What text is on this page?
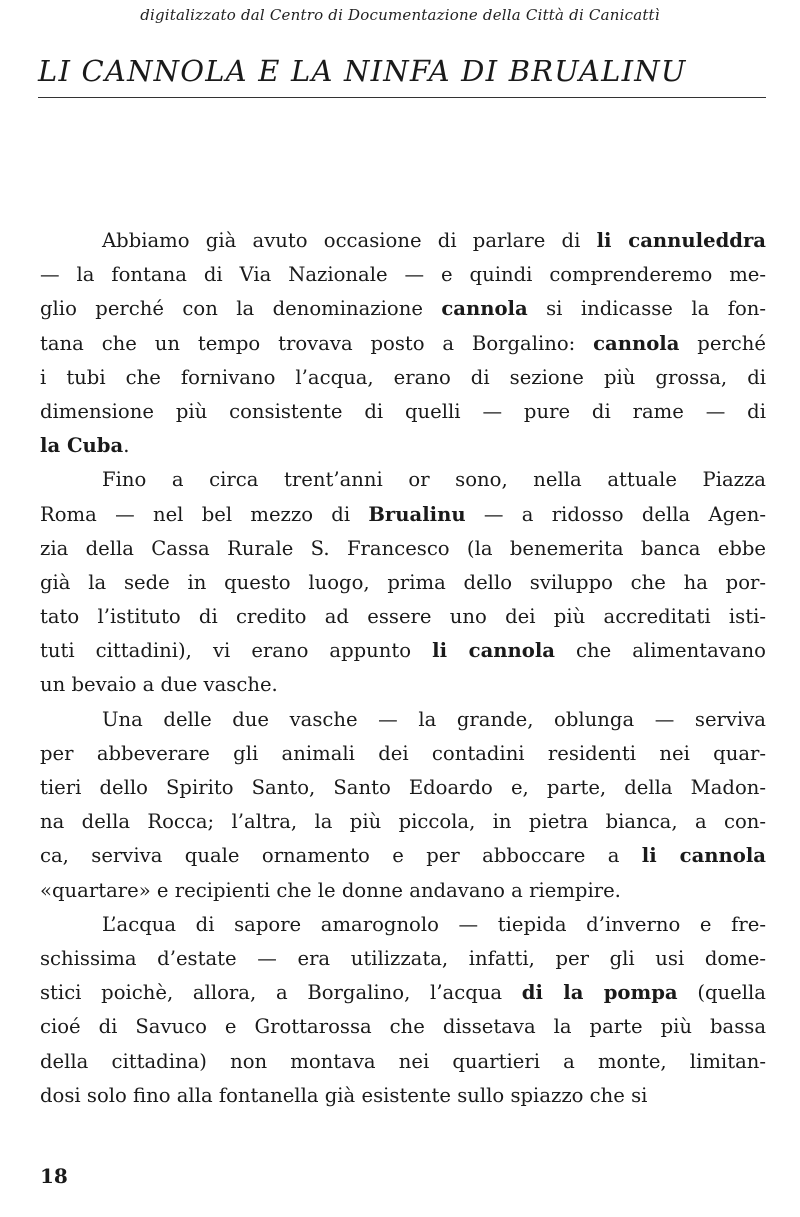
digitalizzato dal Centro di Documentazione della Città di Canicattì
LI CANNOLA E LA NINFA DI BRUALINU
Abbiamo già avuto occasione di parlare di li cannuleddra
— la fontana di Via Nazionale — e quindi comprenderemo me-
glio perché con la denominazione cannola si indicasse la fon-
tana che un tempo trovava posto a Borgalino: cannola perché
i tubi che fornivano l’acqua, erano di sezione più grossa, di
dimensione più consistente di quelli — pure di rame — di
la Cuba.
Fino a circa trent’anni or sono, nella attuale Piazza
Roma — nel bel mezzo di Brualinu — a ridosso della Agen-
zia della Cassa Rurale S. Francesco (la benemerita banca ebbe
già la sede in questo luogo, prima dello sviluppo che ha por-
tato l’istituto di credito ad essere uno dei più accreditati isti-
tuti cittadini), vi erano appunto li cannola che alimentavano
un bevaio a due vasche.
Una delle due vasche — la grande, oblunga — serviva
per abbeverare gli animali dei contadini residenti nei quar-
tieri dello Spirito Santo, Santo Edoardo e, parte, della Madon-
na della Rocca; l’altra, la più piccola, in pietra bianca, a con-
ca, serviva quale ornamento e per abboccare a li cannola
«quartare» e recipienti che le donne andavano a riempire.
L’acqua di sapore amarognolo — tiepida d’inverno e fre-
schissima d’estate — era utilizzata, infatti, per gli usi dome-
stici poichè, allora, a Borgalino, l’acqua di la pompa (quella
cioé di Savuco e Grottarossa che dissetava la parte più bassa
della cittadina) non montava nei quartieri a monte, limitan-
dosi solo fino alla fontanella già esistente sullo spiazzo che si
18
